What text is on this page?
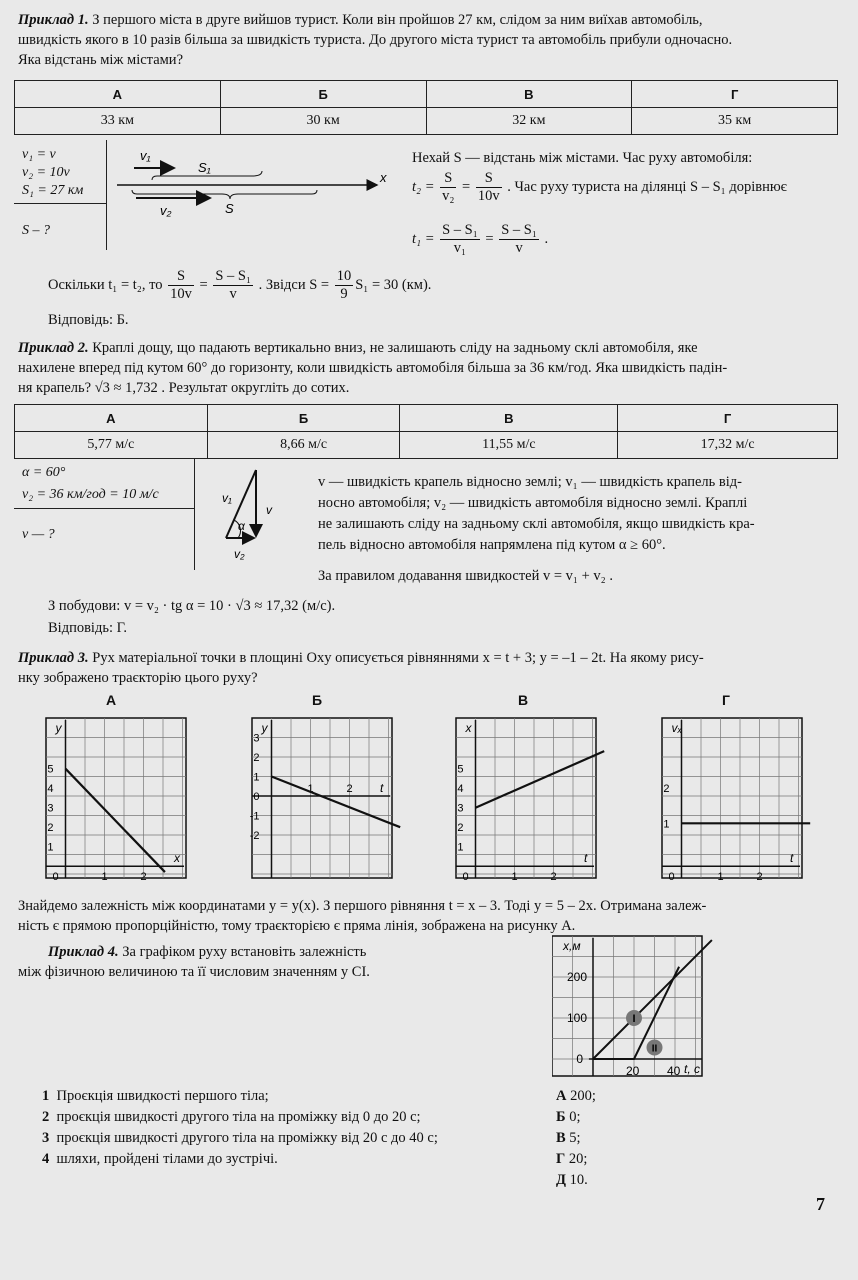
Приклад 1. З першого міста в друге вийшов турист. Коли він пройшов 27 км, слідом за ним виїхав автомобіль,
швидкість якого в 10 разів більша за швидкість туриста. До другого міста турист та автомобіль прибули одночасно.
Яка відстань між містами?
А	Б	В	Г
33 км	30 км	32 км	35 км
v₁ = v
v₂ = 10v
S₁ = 27 км
S – ?
v₁
x
S₁
S
v₂
Нехай S — відстань між містами. Час руху автомобіля:
$t_2 = \frac{S}{\text{v₂}} = \frac{S}{10v}$ . Час руху туриста на ділянці S – S₁ дорівнює
$t_1 = \frac{\text{S – S₁}}{\text{v₁}} = \frac{\text{S – S₁}}{v}$ .
Оскільки t₁ = t₂, то $\frac{S}{10v} = \frac{\text{S – S₁}}{v}$ . Звідси $S = \frac{10}{9} S_1 = 30$ (км).
Відповідь: Б.
Приклад 2. Краплі дощу, що падають вертикально вниз, не залишають сліду на задньому склі автомобіля, яке
нахилене вперед під кутом 60° до горизонту, коли швидкість автомобіля більша за 36 км/год. Яка швидкість падін-
ня крапель? √3 ≈ 1,732 . Результат округліть до сотих.
А	Б	В	Г
5,77 м/с	8,66 м/с	11,55 м/с	17,32 м/с
α = 60°
v₂ = 36 км/год = 10 м/с
v — ?
α
v₁
v
v₂
v — швидкість крапель відносно землі; v₁ — швидкість крапель від-
носно автомобіля; v₂ — швидкість автомобіля відносно землі. Краплі
не залишають сліду на задньому склі автомобіля, якщо швидкість кра-
пель відносно автомобіля напрямлена під кутом α ≥ 60°.
За правилом додавання швидкостей v = v₁ + v₂ .
З побудови: v = v₂ · tg α = 10 · √3 ≈ 17,32 (м/с).
Відповідь: Г.
Приклад 3. Рух матеріальної точки в площині Oxy описується рівняннями x = t + 3; y = –1 – 2t. На якому рису-
нку зображено траєкторію цього руху?
А	Б	В	Г
y
x
5
4
3
2
1
1	2
0
y
t
3
2
1
0
-1
-2
1	2
x
t
5
4
3
2
1
1	2
0
vₓ
t
2
1
1	2
0
Знайдемо залежність між координатами y = y(x). З першого рівняння t = x – 3. Тоді y = 5 – 2x. Отримана залеж-
ність є прямою пропорційністю, тому траєкторією є пряма лінія, зображена на рисунку А.
Приклад 4. За графіком руху встановіть залежність
між фізичною величиною та її числовим значенням у СІ.
x,м
t, с
200
100
0
20 40
I
II
1 Проєкція швидкості першого тіла;
2 проєкція швидкості другого тіла на проміжку від 0 до 20 с;
3 проєкція швидкості другого тіла на проміжку від 20 с до 40 с;
4 шляхи, пройдені тілами до зустрічі.
А 200;
Б 0;
В 5;
Г 20;
Д 10.
7
